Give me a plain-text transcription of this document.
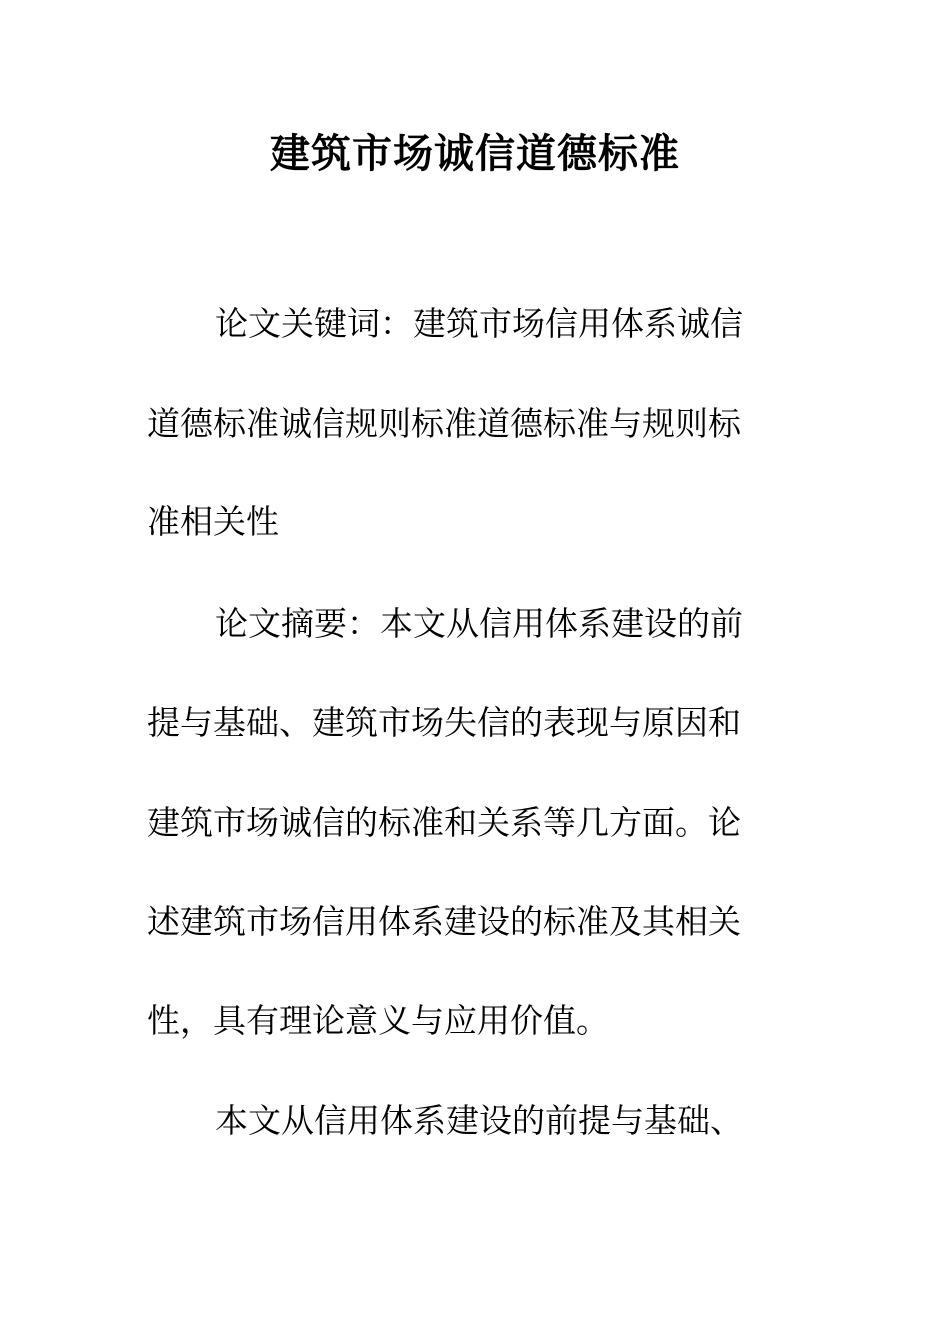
建筑市场诚信道德标准

论文关键词：建筑市场信用体系诚信

道德标准诚信规则标准道德标准与规则标

准相关性

论文摘要：本文从信用体系建设的前

提与基础、建筑市场失信的表现与原因和

建筑市场诚信的标准和关系等几方面。论

述建筑市场信用体系建设的标准及其相关

性，具有理论意义与应用价值。

本文从信用体系建设的前提与基础、
